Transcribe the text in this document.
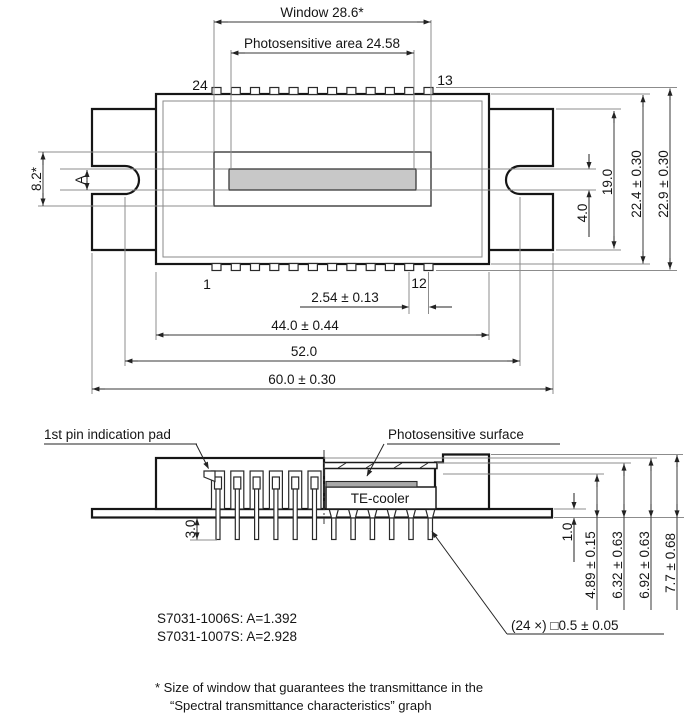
Window 28.6*
Photosensitive area 24.58
24	13
1	12
8.2* A
4.0
19.0 22.4 ± 0.30 22.9 ± 0.30
2.54 ± 0.13
44.0 ± 0.44
52.0
60.0 ± 0.30
1st pin indication pad	Photosensitive surface
TE-cooler
3.0	1.0 4.89 ± 0.15 6.32 ± 0.63 6.92 ± 0.63 7.7 ± 0.68
(24 ×) □0.5 ± 0.05
S7031-1006S: A=1.392
S7031-1007S: A=2.928
* Size of window that guarantees the transmittance in the
“Spectral transmittance characteristics” graph
